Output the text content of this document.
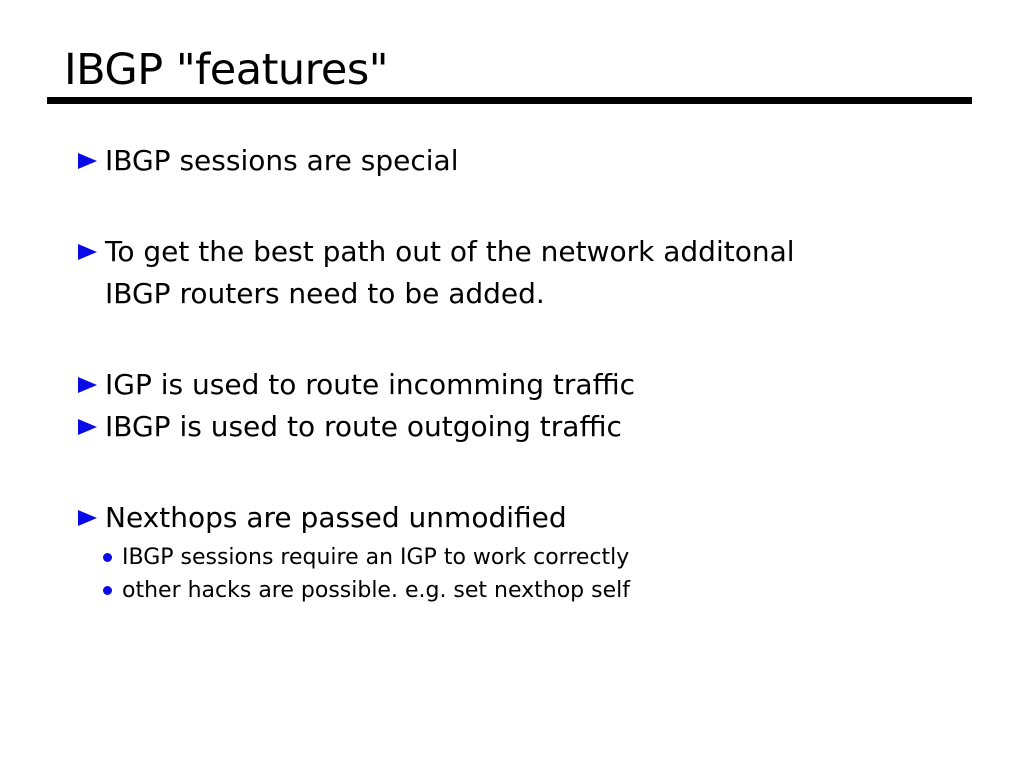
IBGP "features"
IBGP sessions are special
To get the best path out of the network additonal
IBGP routers need to be added.
IGP is used to route incomming traffic
IBGP is used to route outgoing traffic
Nexthops are passed unmodified
IBGP sessions require an IGP to work correctly
other hacks are possible. e.g. set nexthop self
